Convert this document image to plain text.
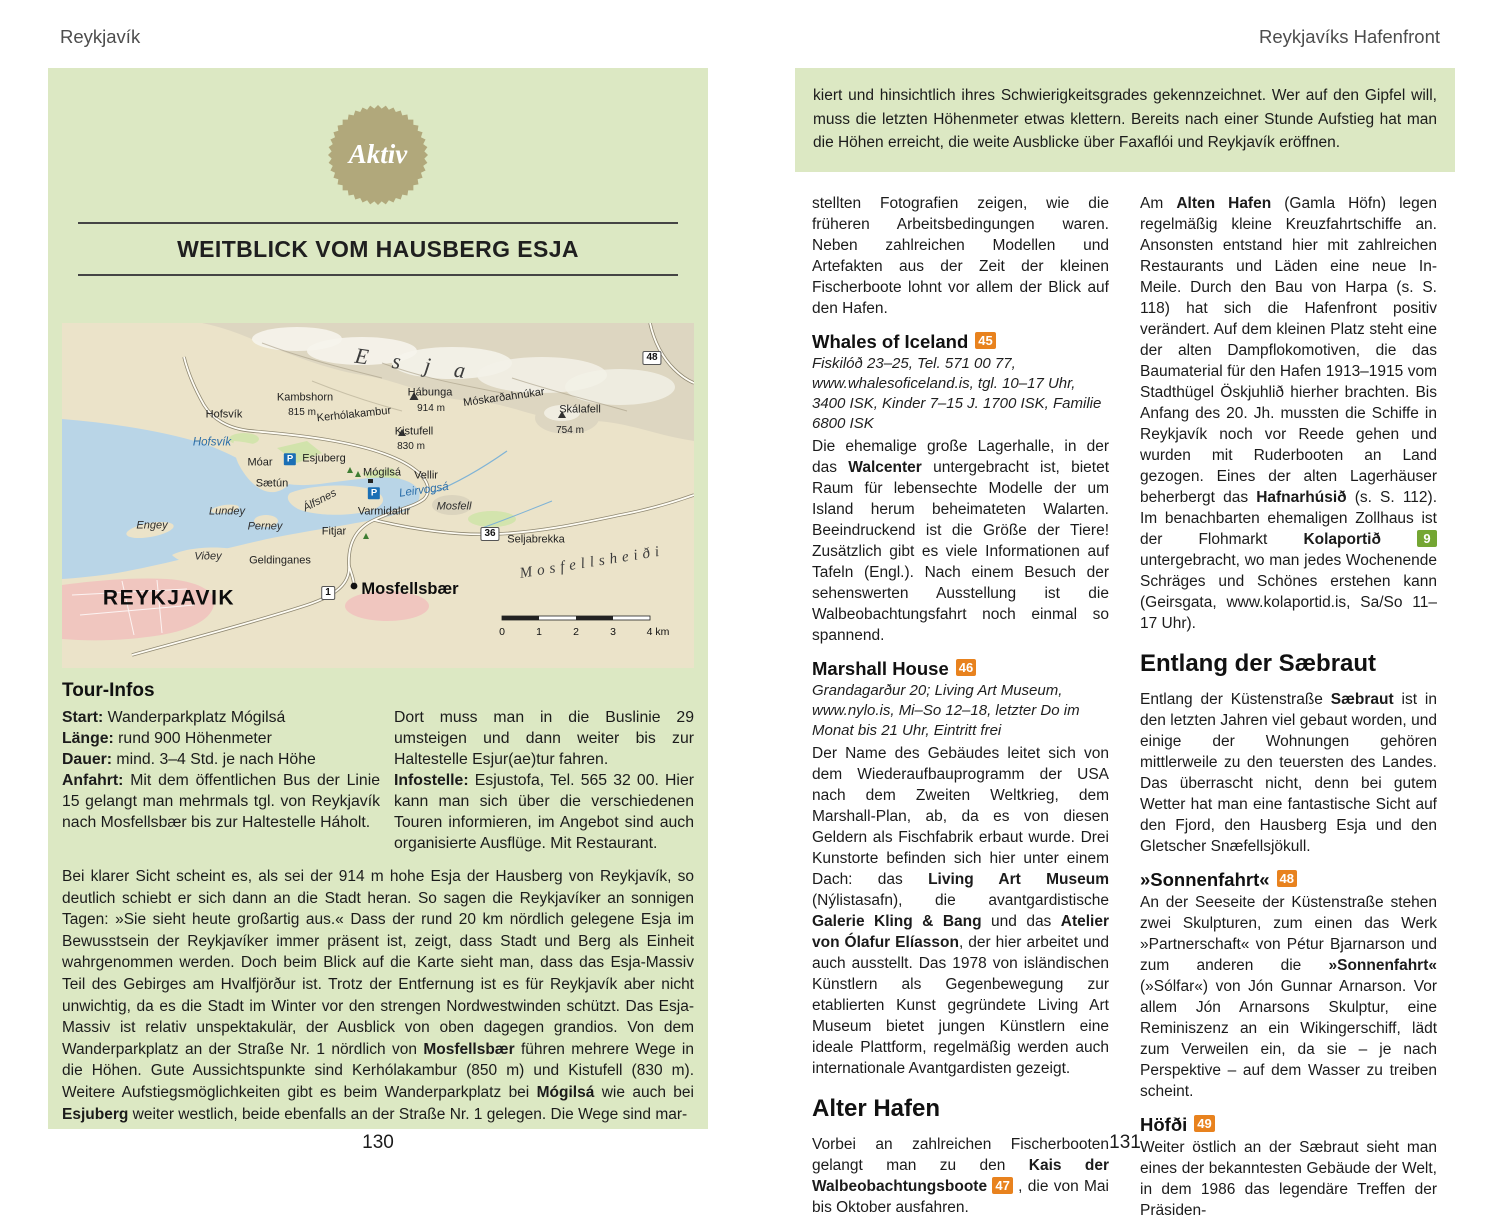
Reykjavík	Reykjavíks Hafenfront
Aktiv
WEITBLICK VOM HAUSBERG ESJA
Esja	48
Kambshorn
815 m
Hábunga
914 m Móskarðahnúkar
Skálafell
754 m
Kerhólakambur
Kistufell
830 m
Hofsvík
Hofsvík
P Esjuberg
Móar
Sætún
Mógilsá
P
Vellir
Álfsnes	Leirvogsá
Varmidalur Mosfell
Lundey
Engey	Perney	Fitjar	36	Seljabrekka
Viðey Geldinganes	Mosfellsheiði
REYKJAVIK	Mosfellsbær
1
0	1	2	3	4 km
Tour-Infos
Start: Wanderparkplatz Mógilsá
Länge: rund 900 Höhenmeter
Dauer: mind. 3–4 Std. je nach Höhe
Anfahrt: Mit dem öffentlichen Bus der Linie 15 gelangt man mehrmals tgl. von Reykjavík nach Mosfellsbær bis zur Haltestelle Háholt.
Dort muss man in die Buslinie 29 umsteigen und dann weiter bis zur Haltestelle Esjur(ae)tur fahren.
Infostelle: Esjustofa, Tel. 565 32 00. Hier kann man sich über die verschiedenen Touren informieren, im Angebot sind auch organisierte Ausflüge. Mit Restaurant.
Bei klarer Sicht scheint es, als sei der 914 m hohe Esja der Hausberg von Reykjavík, so deutlich schiebt er sich dann an die Stadt heran. So sagen die Reykjavíker an sonnigen Tagen: »Sie sieht heute großartig aus.« Dass der rund 20 km nördlich gelegene Esja im Bewusstsein der Reykjavíker immer präsent ist, zeigt, dass Stadt und Berg als Einheit wahrgenommen werden. Doch beim Blick auf die Karte sieht man, dass das Esja-Massiv Teil des Gebirges am Hvalfjörður ist. Trotz der Entfernung ist es für Reykjavík aber nicht unwichtig, da es die Stadt im Winter vor den strengen Nordwestwinden schützt. Das Esja-Massiv ist relativ unspektakulär, der Ausblick von oben dagegen grandios. Von dem Wanderparkplatz an der Straße Nr. 1 nördlich von Mosfellsbær führen mehrere Wege in die Höhen. Gute Aussichtspunkte sind Kerhólakambur (850 m) und Kistufell (830 m). Weitere Aufstiegsmöglichkeiten gibt es beim Wanderparkplatz bei Mógilsá wie auch bei Esjuberg weiter westlich, beide ebenfalls an der Straße Nr. 1 gelegen. Die Wege sind mar-
130
kiert und hinsichtlich ihres Schwierigkeitsgrades gekennzeichnet. Wer auf den Gipfel will, muss die letzten Höhenmeter etwas klettern. Bereits nach einer Stunde Aufstieg hat man die Höhen erreicht, die weite Ausblicke über Faxaflói und Reykjavík eröffnen.
stellten Fotografien zeigen, wie die früheren Arbeitsbedingungen waren. Neben zahlreichen Modellen und Artefakten aus der Zeit der kleinen Fischerboote lohnt vor allem der Blick auf den Hafen.
Whales of Iceland 45
Fiskilóð 23–25, Tel. 571 00 77, www.whalesoficeland.is, tgl. 10–17 Uhr, 3400 ISK, Kinder 7–15 J. 1700 ISK, Familie 6800 ISK
Die ehemalige große Lagerhalle, in der das Walcenter untergebracht ist, bietet Raum für lebensechte Modelle der um Island herum beheimateten Walarten. Beeindruckend ist die Größe der Tiere! Zusätzlich gibt es viele Informationen auf Tafeln (Engl.). Nach einem Besuch der sehenswerten Ausstellung ist die Walbeobachtungsfahrt noch einmal so spannend.
Marshall House 46
Grandagarður 20; Living Art Museum, www.nylo.is, Mi–So 12–18, letzter Do im Monat bis 21 Uhr, Eintritt frei
Der Name des Gebäudes leitet sich von dem Wiederaufbauprogramm der USA nach dem Zweiten Weltkrieg, dem Marshall-Plan, ab, da es von diesen Geldern als Fischfabrik erbaut wurde. Drei Kunstorte befinden sich hier unter einem Dach: das Living Art Museum (Nýlistasafn), die avantgardistische Galerie Kling & Bang und das Atelier von Ólafur Elíasson, der hier arbeitet und auch ausstellt. Das 1978 von isländischen Künstlern als Gegenbewegung zur etablierten Kunst gegründete Living Art Museum bietet jungen Künstlern eine ideale Plattform, regelmäßig werden auch internationale Avantgardisten gezeigt.
Alter Hafen
Vorbei an zahlreichen Fischerbooten gelangt man zu den Kais der Walbeobachtungsboote 47 , die von Mai bis Oktober ausfahren.
Am Alten Hafen (Gamla Höfn) legen regelmäßig kleine Kreuzfahrtschiffe an. Ansonsten entstand hier mit zahlreichen Restaurants und Läden eine neue In-Meile. Durch den Bau von Harpa (s. S. 118) hat sich die Hafenfront positiv verändert. Auf dem kleinen Platz steht eine der alten Dampflokomotiven, die das Baumaterial für den Hafen 1913–1915 vom Stadthügel Öskjuhlið hierher brachten. Bis Anfang des 20. Jh. mussten die Schiffe in Reykjavík noch vor Reede gehen und wurden mit Ruderbooten an Land gezogen. Eines der alten Lagerhäuser beherbergt das Hafnarhúsið (s. S. 112). Im benachbarten ehemaligen Zollhaus ist der Flohmarkt Kolaportið	9 untergebracht, wo man jedes Wochenende Schräges und Schönes erstehen kann (Geirsgata, www.kolaportid.is, Sa/So 11–17 Uhr).
Entlang der Sæbraut
Entlang der Küstenstraße Sæbraut ist in den letzten Jahren viel gebaut worden, und einige der Wohnungen gehören mittlerweile zu den teuersten des Landes. Das überrascht nicht, denn bei gutem Wetter hat man eine fantastische Sicht auf den Fjord, den Hausberg Esja und den Gletscher Snæfellsjökull.
»Sonnenfahrt« 48
An der Seeseite der Küstenstraße stehen zwei Skulpturen, zum einen das Werk »Partnerschaft« von Pétur Bjarnarson und zum anderen die »Sonnenfahrt« (»Sólfar«) von Jón Gunnar Arnarson. Vor allem Jón Arnarsons Skulptur, eine Reminiszenz an ein Wikingerschiff, lädt zum Verweilen ein, da sie – je nach Perspektive – auf dem Wasser zu treiben scheint.
Höfði 49
Weiter östlich an der Sæbraut sieht man eines der bekanntesten Gebäude der Welt, in dem 1986 das legendäre Treffen der Präsiden-
131
